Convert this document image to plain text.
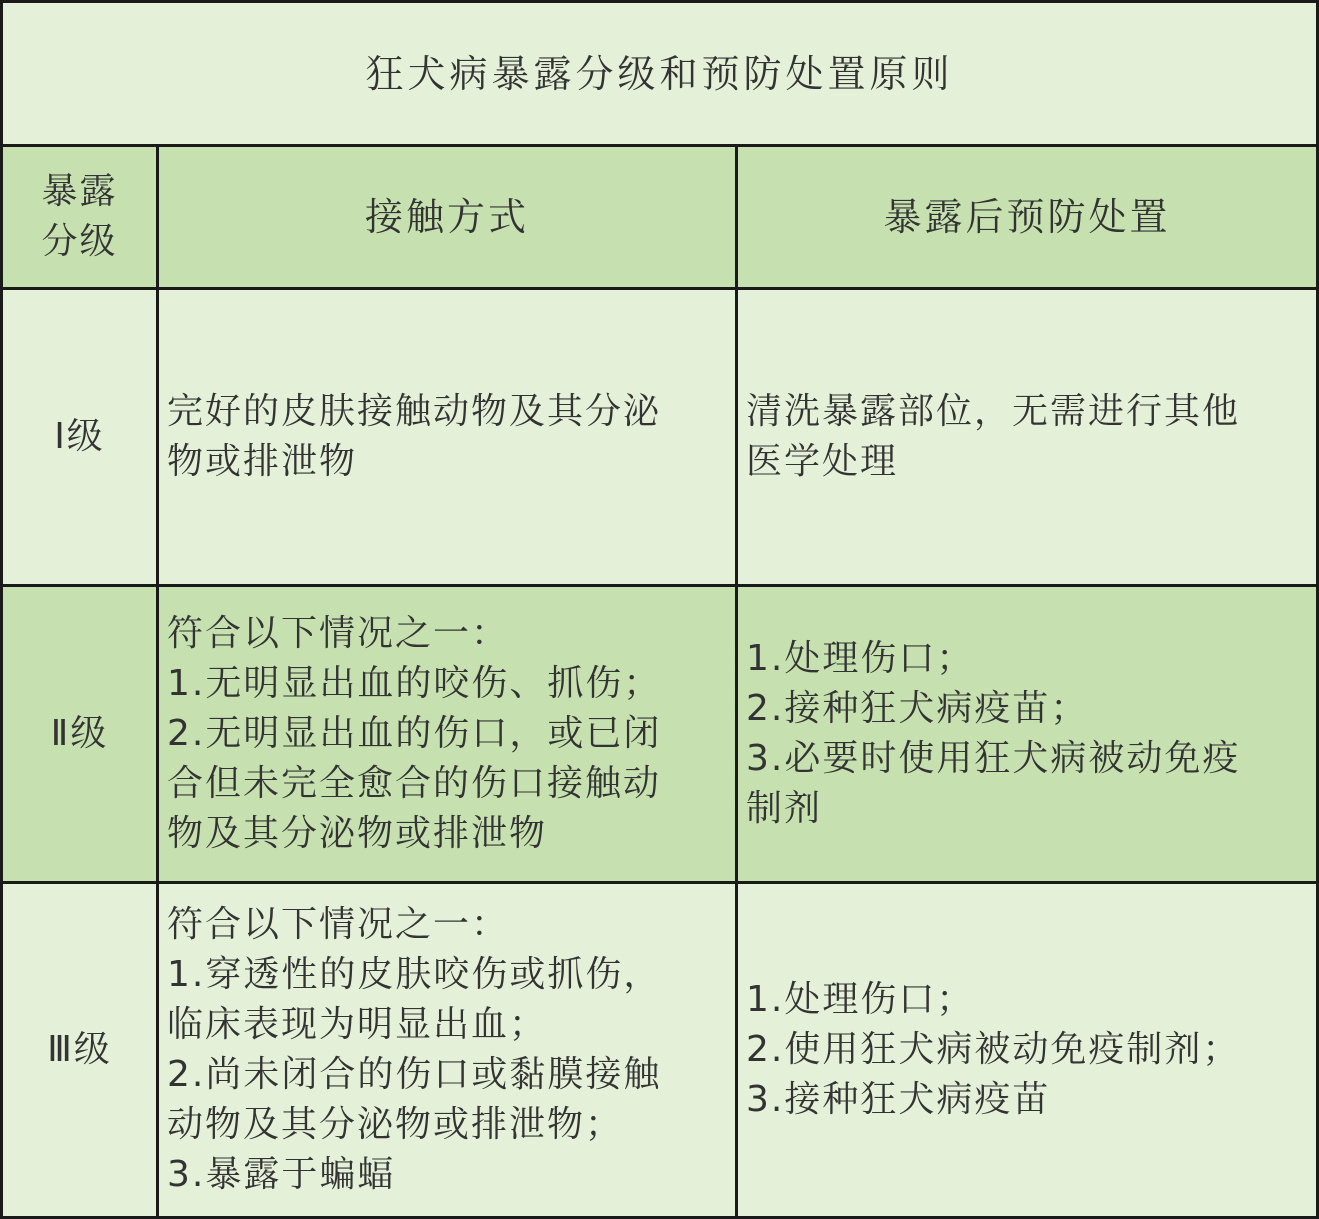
狂犬病暴露分级和预防处置原则
暴露
分级
接触方式	暴露后预防处置
Ⅰ级
完好的皮肤接触动物及其分泌
物或排泄物
清洗暴露部位，无需进行其他
医学处理
Ⅱ级
符合以下情况之一：
1.无明显出血的咬伤、抓伤；
2.无明显出血的伤口，或已闭
合但未完全愈合的伤口接触动
物及其分泌物或排泄物
1.处理伤口；
2.接种狂犬病疫苗；
3.必要时使用狂犬病被动免疫
制剂
Ⅲ级
符合以下情况之一：
1.穿透性的皮肤咬伤或抓伤，
临床表现为明显出血；
2.尚未闭合的伤口或黏膜接触
动物及其分泌物或排泄物；
3.暴露于蝙蝠
1.处理伤口；
2.使用狂犬病被动免疫制剂；
3.接种狂犬病疫苗
